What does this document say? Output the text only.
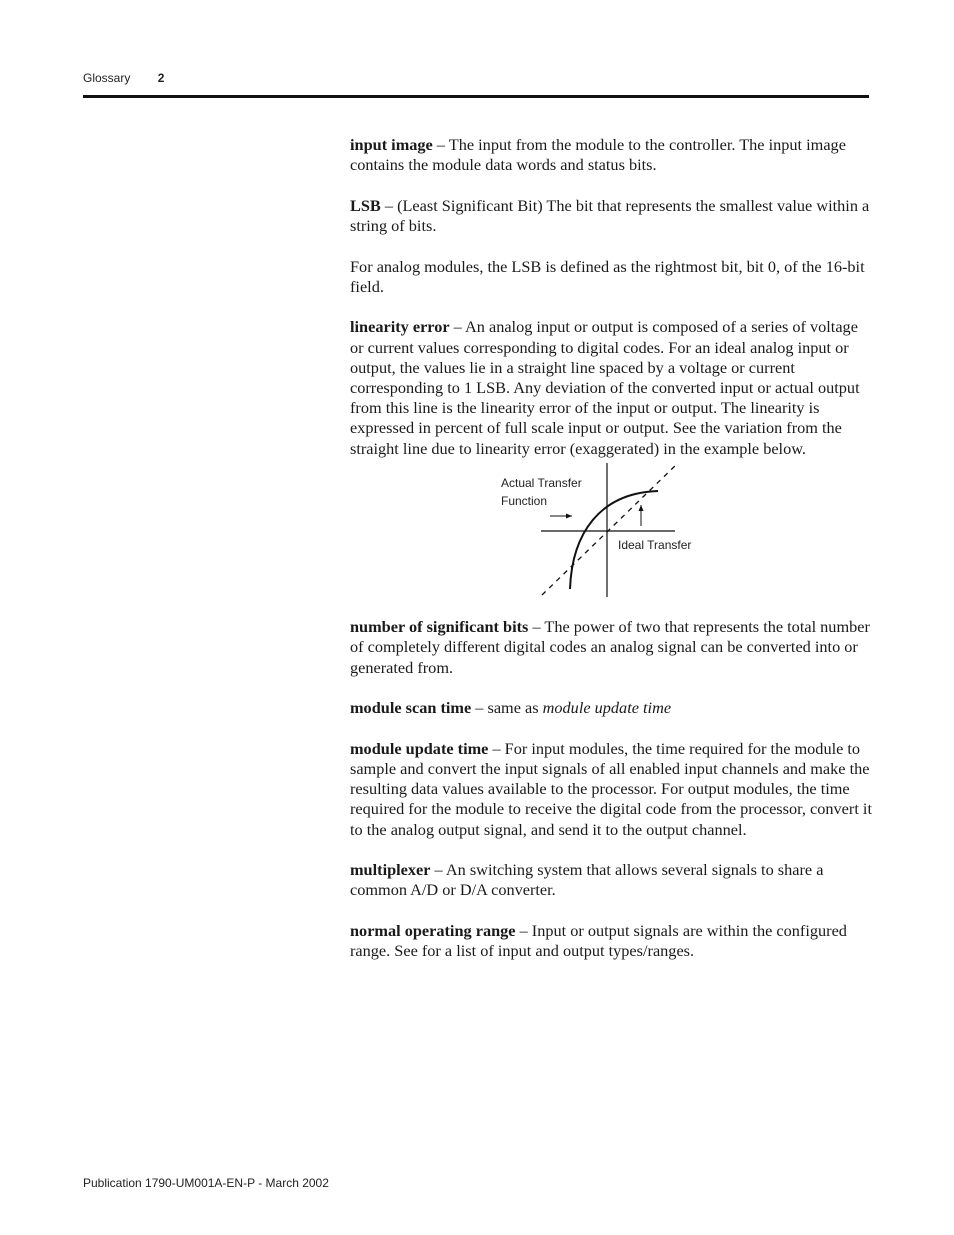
Glossary 2

input image – The input from the module to the controller. The input image contains the module data words and status bits.

LSB – (Least Significant Bit) The bit that represents the smallest value within a string of bits.

For analog modules, the LSB is defined as the rightmost bit, bit 0, of the 16-bit field.

linearity error – An analog input or output is composed of a series of voltage or current values corresponding to digital codes. For an ideal analog input or output, the values lie in a straight line spaced by a voltage or current corresponding to 1 LSB. Any deviation of the converted input or actual output from this line is the linearity error of the input or output. The linearity is expressed in percent of full scale input or output. See the variation from the straight line due to linearity error (exaggerated) in the example below.

Actual Transfer
Function
Ideal Transfer

number of significant bits – The power of two that represents the total number of completely different digital codes an analog signal can be converted into or generated from.

module scan time – same as module update time

module update time – For input modules, the time required for the module to sample and convert the input signals of all enabled input channels and make the resulting data values available to the processor. For output modules, the time required for the module to receive the digital code from the processor, convert it to the analog output signal, and send it to the output channel.

multiplexer – An switching system that allows several signals to share a common A/D or D/A converter.

normal operating range – Input or output signals are within the configured range. See for a list of input and output types/ranges.

Publication 1790-UM001A-EN-P - March 2002
